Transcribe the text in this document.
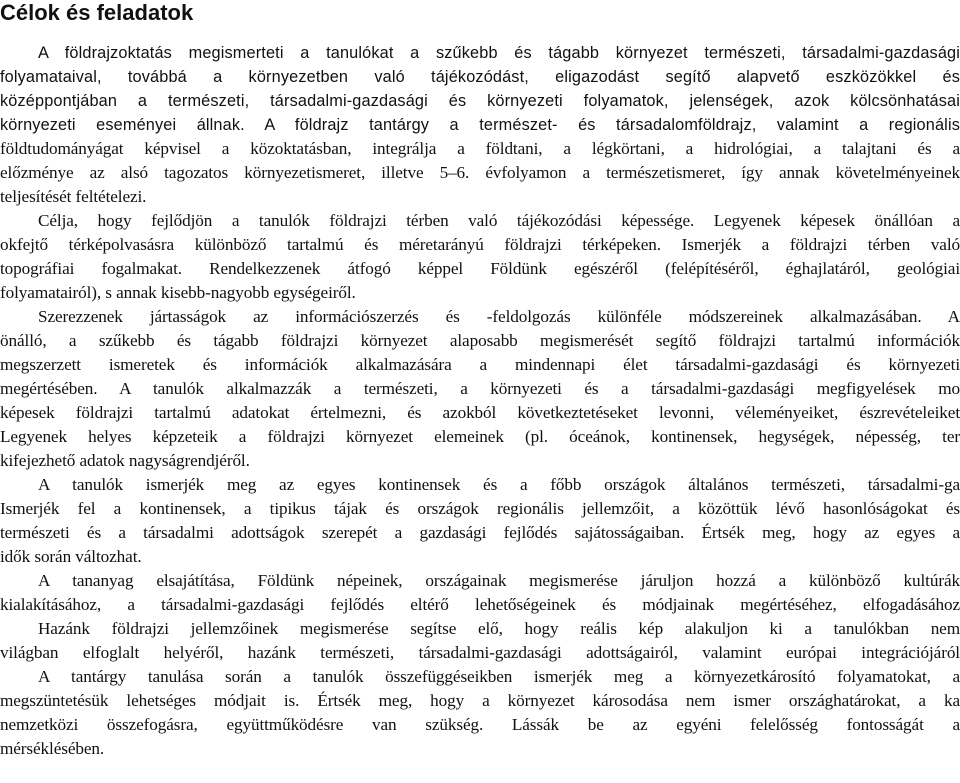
Célok és feladatok
A földrajzoktatás megismerteti a tanulókat a szűkebb és tágabb környezet természeti, társadalmi-gazdasági
folyamataival, továbbá a környezetben való tájékozódást, eligazodást segítő alapvető eszközökkel és
középpontjában a természeti, társadalmi-gazdasági és környezeti folyamatok, jelenségek, azok kölcsönhatásai
környezeti eseményei állnak. A földrajz tantárgy a természet- és társadalomföldrajz, valamint a regionális
földtudományágat képvisel a közoktatásban, integrálja a földtani, a légkörtani, a hidrológiai, a talajtani és a
előzménye az alsó tagozatos környezetismeret, illetve 5–6. évfolyamon a természetismeret, így annak követelményeinek
teljesítését feltételezi.
Célja, hogy fejlődjön a tanulók földrajzi térben való tájékozódási képessége. Legyenek képesek önállóan a
okfejtő térképolvasásra különböző tartalmú és méretarányú földrajzi térképeken. Ismerjék a földrajzi térben való
topográfiai fogalmakat. Rendelkezzenek átfogó képpel Földünk egészéről (felépítéséről, éghajlatáról, geológiai
folyamatairól), s annak kisebb-nagyobb egységeiről.
Szerezzenek jártasságok az információszerzés és -feldolgozás különféle módszereinek alkalmazásában. A
önálló, a szűkebb és tágabb földrajzi környezet alaposabb megismerését segítő földrajzi tartalmú információk
megszerzett ismeretek és információk alkalmazására a mindennapi élet társadalmi-gazdasági és környezeti
megértésében. A tanulók alkalmazzák a természeti, a környezeti és a társadalmi-gazdasági megfigyelések mo
képesek földrajzi tartalmú adatokat értelmezni, és azokból következtetéseket levonni, véleményeiket, észrevételeiket
Legyenek helyes képzeteik a földrajzi környezet elemeinek (pl. óceánok, kontinensek, hegységek, népesség, ter
kifejezhető adatok nagyságrendjéről.
A tanulók ismerjék meg az egyes kontinensek és a főbb országok általános természeti, társadalmi-ga
Ismerjék fel a kontinensek, a tipikus tájak és országok regionális jellemzőit, a közöttük lévő hasonlóságokat és
természeti és a társadalmi adottságok szerepét a gazdasági fejlődés sajátosságaiban. Értsék meg, hogy az egyes a
idők során változhat.
A tananyag elsajátítása, Földünk népeinek, országainak megismerése járuljon hozzá a különböző kultúrák
kialakításához, a társadalmi-gazdasági fejlődés eltérő lehetőségeinek és módjainak megértéséhez, elfogadásához
Hazánk földrajzi jellemzőinek megismerése segítse elő, hogy reális kép alakuljon ki a tanulókban nem
világban elfoglalt helyéről, hazánk természeti, társadalmi-gazdasági adottságairól, valamint európai integrációjáról
A tantárgy tanulása során a tanulók összefüggéseikben ismerjék meg a környezetkárosító folyamatokat, a
megszüntetésük lehetséges módjait is. Értsék meg, hogy a környezet károsodása nem ismer országhatárokat, a ka
nemzetközi összefogásra, együttműködésre van szükség. Lássák be az egyéni felelősség fontosságát a
mérséklésében.
